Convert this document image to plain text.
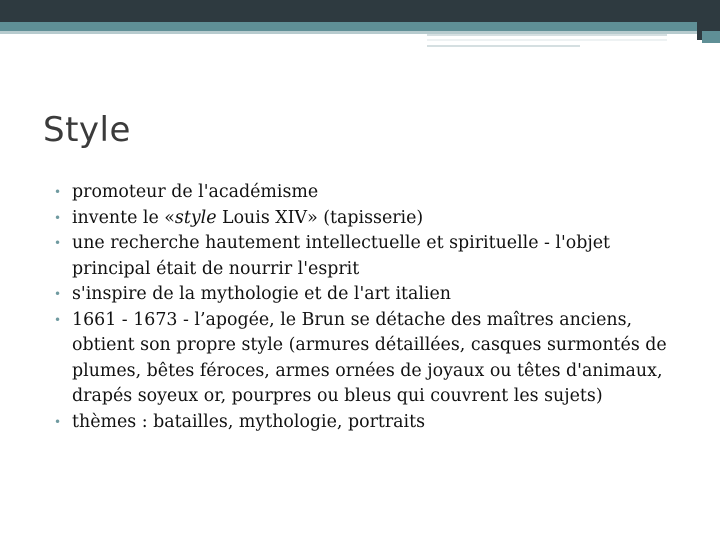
Style
• promoteur de l'académisme
• invente le «style Louis XIV» (tapisserie)
• une recherche hautement intellectuelle et spirituelle - l'objet principal était de nourrir l'esprit
• s'inspire de la mythologie et de l'art italien
• 1661 - 1673 - l’apogée, le Brun se détache des maîtres anciens, obtient son propre style (armures détaillées, casques surmontés de plumes, bêtes féroces, armes ornées de joyaux ou têtes d'animaux, drapés soyeux or, pourpres ou bleus qui couvrent les sujets)
• thèmes : batailles, mythologie, portraits
